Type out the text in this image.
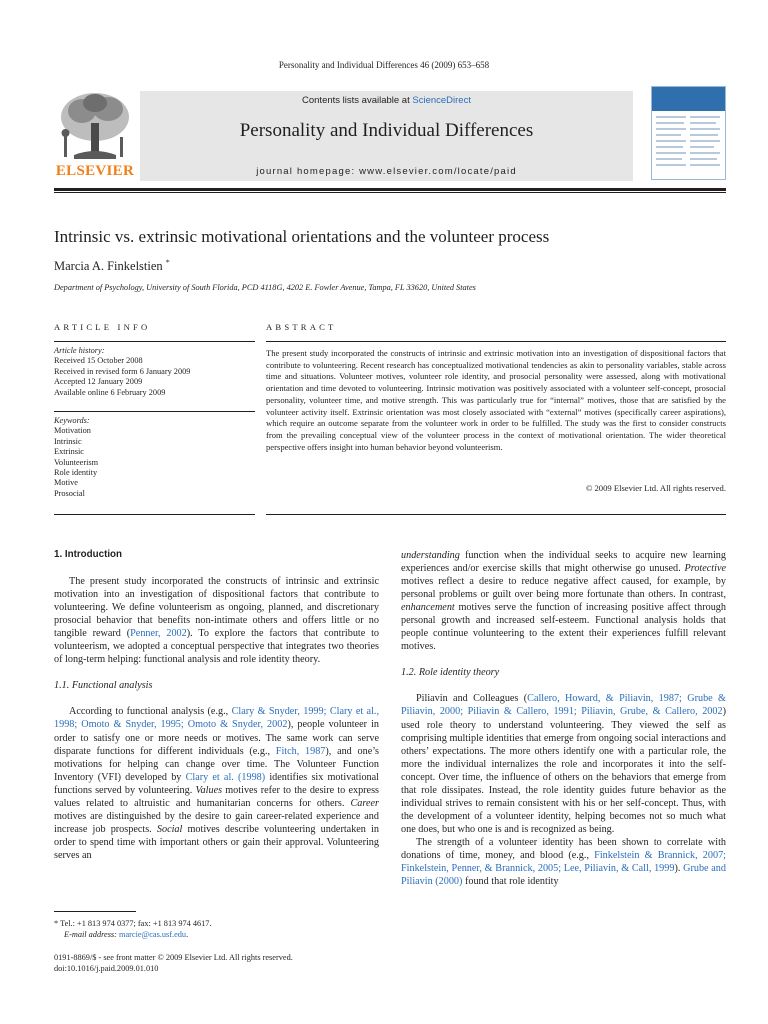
Personality and Individual Differences 46 (2009) 653–658
ELSEVIER
Contents lists available at ScienceDirect
Personality and Individual Differences
journal homepage: www.elsevier.com/locate/paid
Intrinsic vs. extrinsic motivational orientations and the volunteer process
Marcia A. Finkelstien *
Department of Psychology, University of South Florida, PCD 4118G, 4202 E. Fowler Avenue, Tampa, FL 33620, United States
ARTICLE INFO	ABSTRACT
Article history:
Received 15 October 2008
Received in revised form 6 January 2009
Accepted 12 January 2009
Available online 6 February 2009
Keywords:
Motivation
Intrinsic
Extrinsic
Volunteerism
Role identity
Motive
Prosocial
The present study incorporated the constructs of intrinsic and extrinsic motivation into an investigation of dispositional factors that contribute to volunteering. Recent research has conceptualized motivational tendencies as akin to personality variables, stable across time and situations. Volunteer motives, volunteer role identity, and prosocial personality were assessed, along with motivational orientation and time devoted to volunteering. Intrinsic motivation was positively associated with a volunteer self-concept, prosocial personality, volunteer time, and motive strength. This was particularly true for “internal” motives, those that are satisfied by the volunteer activity itself. Extrinsic orientation was most closely associated with “external” motives (specifically career aspirations), which require an outcome separate from the volunteer work in order to be fulfilled. The study was the first to consider constructs from the prevailing conceptual view of the volunteer process in the context of motivational orientation. The wider theoretical perspective offers insight into human behavior beyond volunteerism.
© 2009 Elsevier Ltd. All rights reserved.
1. Introduction

The present study incorporated the constructs of intrinsic and extrinsic motivation into an investigation of dispositional factors that contribute to volunteering. We define volunteerism as ongoing, planned, and discretionary prosocial behavior that benefits non-intimate others and offers little or no tangible reward (Penner, 2002). To explore the factors that contribute to volunteerism, we adopted a conceptual perspective that integrates two theories of long-term helping: functional analysis and role identity theory.

1.1. Functional analysis

According to functional analysis (e.g., Clary & Snyder, 1999; Clary et al., 1998; Omoto & Snyder, 1995; Omoto & Snyder, 2002), people volunteer in order to satisfy one or more needs or motives. The same work can serve disparate functions for different individuals (e.g., Fitch, 1987), and one’s motivations for helping can change over time. The Volunteer Function Inventory (VFI) developed by Clary et al. (1998) identifies six motivational functions served by volunteering. Values motives refer to the desire to express values related to altruistic and humanitarian concerns for others. Career motives are distinguished by the desire to gain career-related experience and increase job prospects. Social motives describe volunteering undertaken in order to spend time with important others or gain their approval. Volunteering serves an

understanding function when the individual seeks to acquire new learning experiences and/or exercise skills that might otherwise go unused. Protective motives reflect a desire to reduce negative affect caused, for example, by personal problems or guilt over being more fortunate than others. In contrast, enhancement motives serve the function of increasing positive affect through personal growth and increased self-esteem. Functional analysis holds that people continue volunteering to the extent their experiences fulfill relevant motives.

1.2. Role identity theory

Piliavin and Colleagues (Callero, Howard, & Piliavin, 1987; Grube & Piliavin, 2000; Piliavin & Callero, 1991; Piliavin, Grube, & Callero, 2002) used role theory to understand volunteering. They viewed the self as comprising multiple identities that emerge from ongoing social interactions and others’ expectations. The more others identify one with a particular role, the more the individual internalizes the role and incorporates it into the self-concept. Over time, the influence of others on the behaviors that emerge from that role dissipates. Instead, the role identity guides future behavior as the individual strives to remain consistent with his or her self-concept. Thus, with the development of a volunteer identity, helping becomes not so much what one does, but who one is and is recognized as being.

The strength of a volunteer identity has been shown to correlate with donations of time, money, and blood (e.g., Finkelstein & Brannick, 2007; Finkelstein, Penner, & Brannick, 2005; Lee, Piliavin, & Call, 1999). Grube and Piliavin (2000) found that role identity

* Tel.: +1 813 974 0377; fax: +1 813 974 4617.
E-mail address: marcie@cas.usf.edu.
0191-8869/$ - see front matter © 2009 Elsevier Ltd. All rights reserved.
doi:10.1016/j.paid.2009.01.010
